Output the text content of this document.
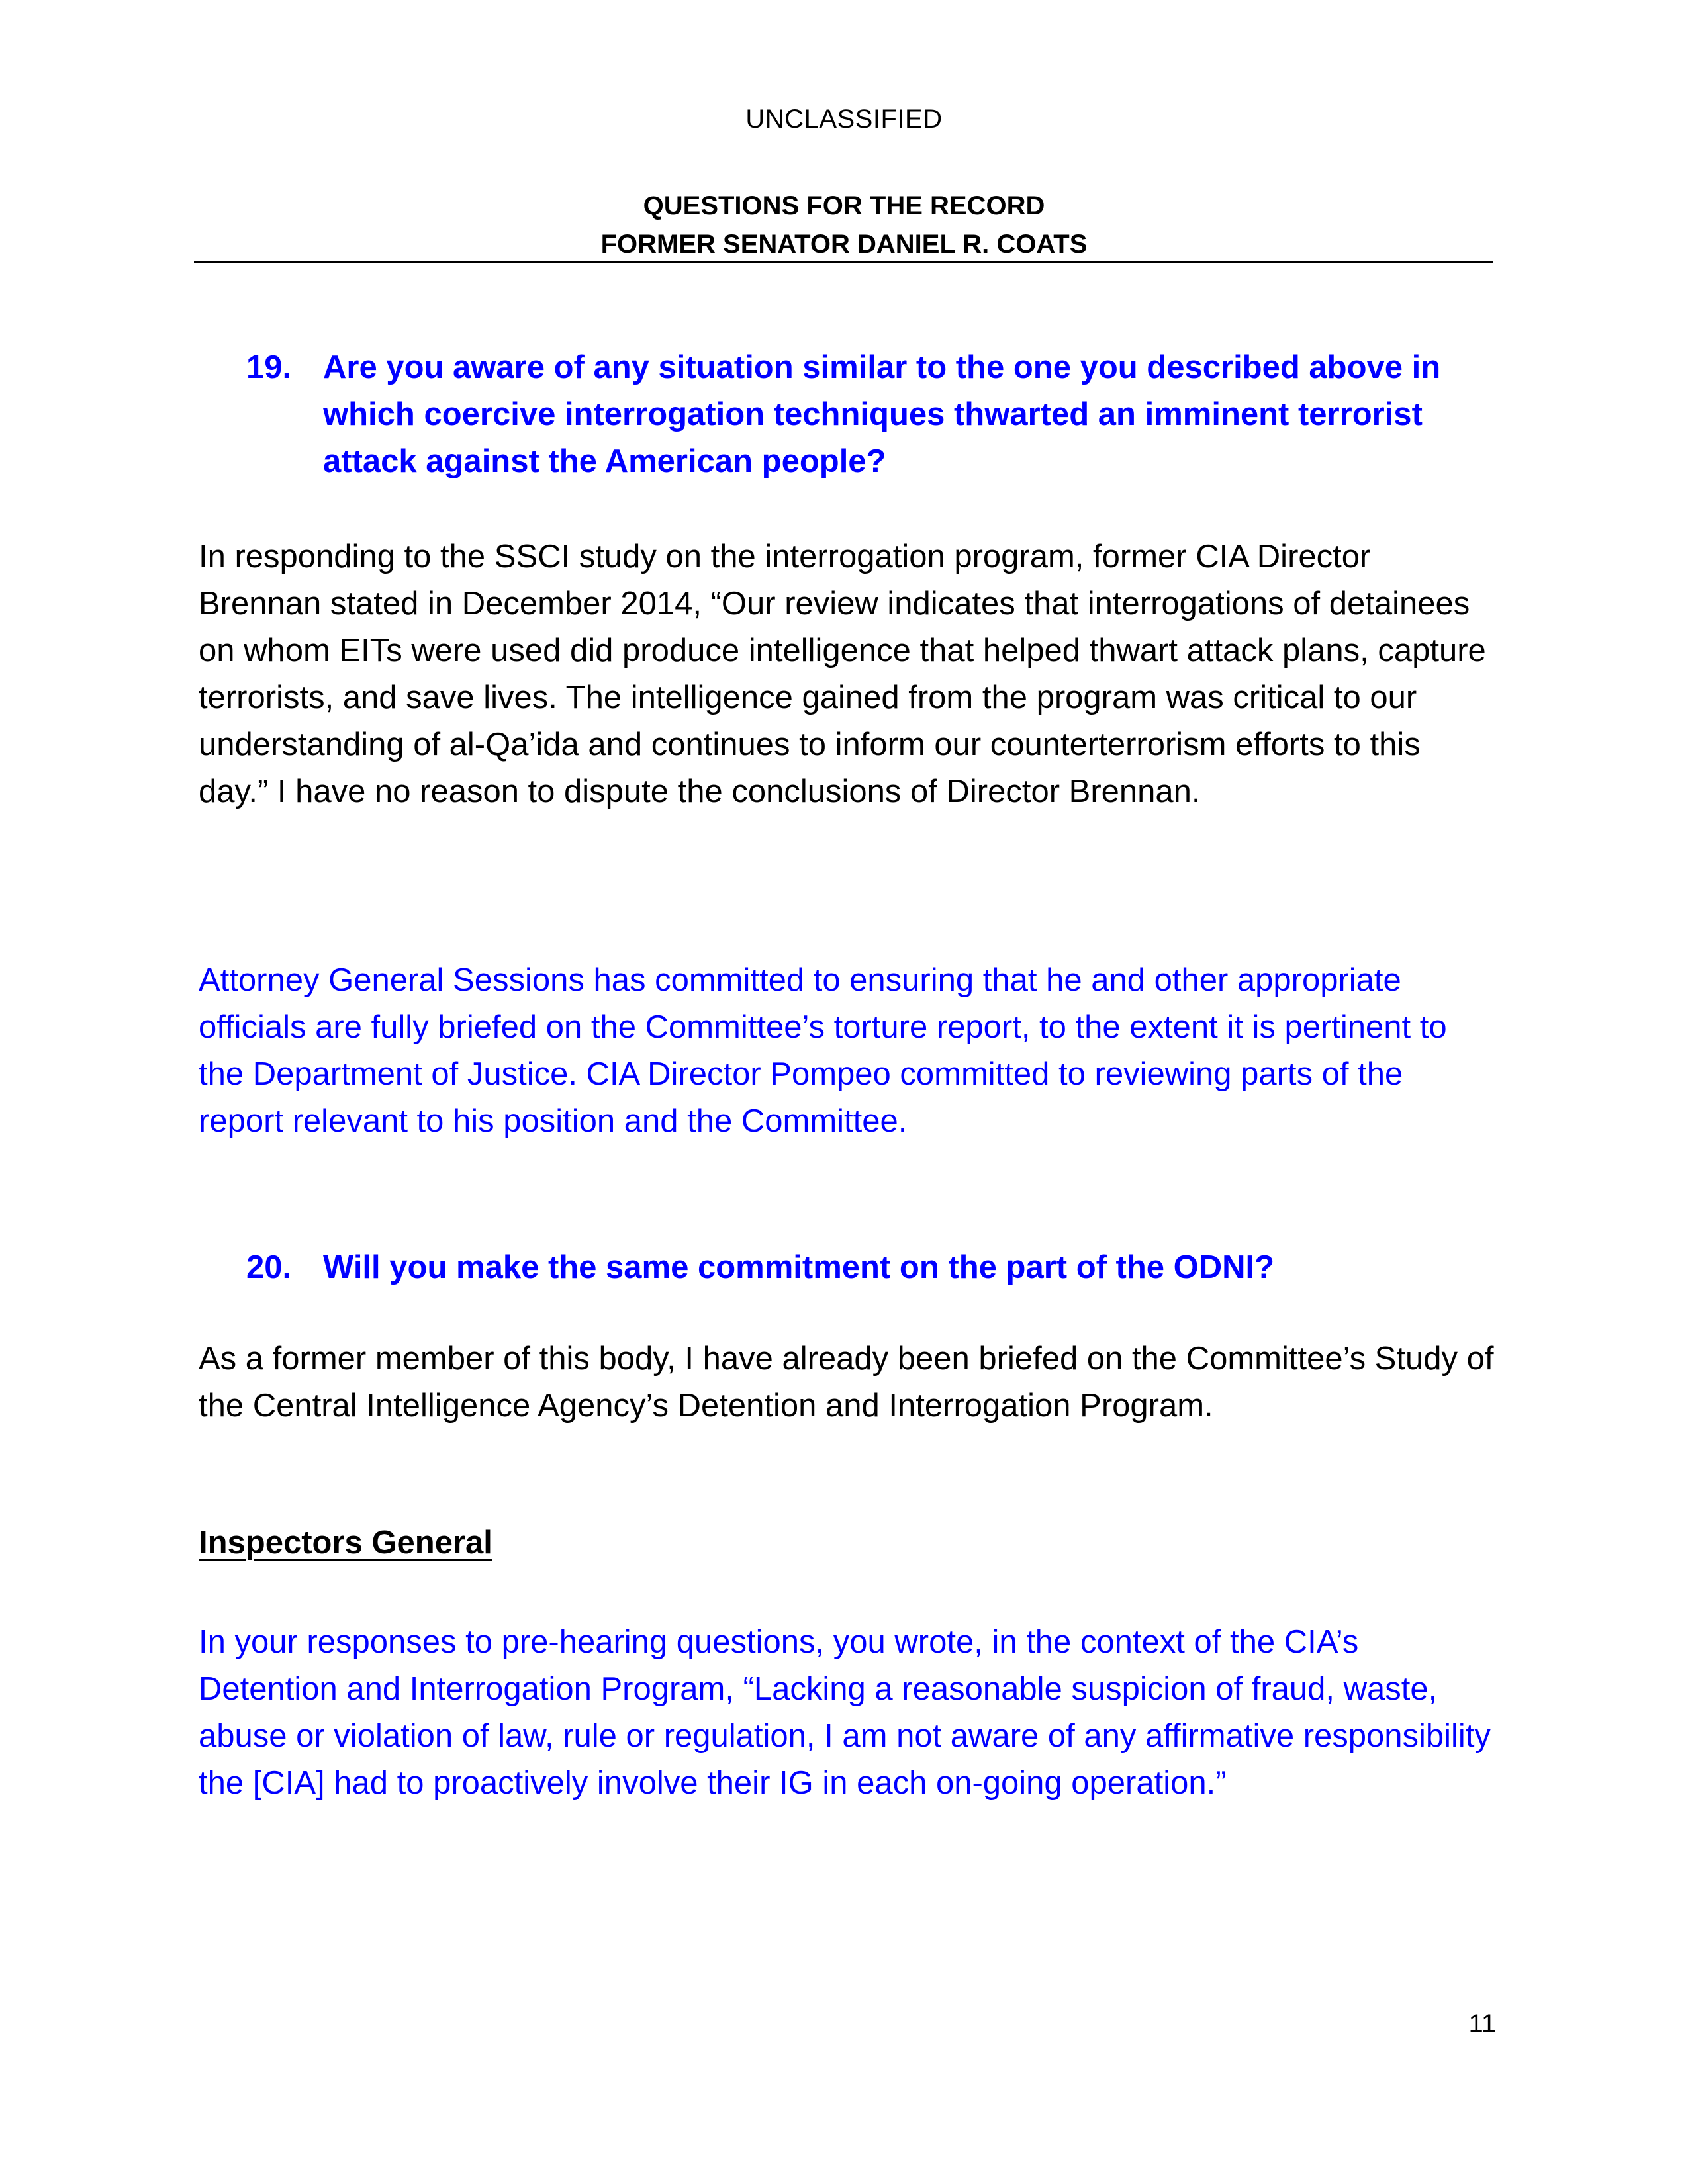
UNCLASSIFIED
QUESTIONS FOR THE RECORD
FORMER SENATOR DANIEL R. COATS
19. Are you aware of any situation similar to the one you described above in which coercive interrogation techniques thwarted an imminent terrorist attack against the American people?
In responding to the SSCI study on the interrogation program, former CIA Director Brennan stated in December 2014, “Our review indicates that interrogations of detainees on whom EITs were used did produce intelligence that helped thwart attack plans, capture terrorists, and save lives. The intelligence gained from the program was critical to our understanding of al-Qa’ida and continues to inform our counterterrorism efforts to this day.” I have no reason to dispute the conclusions of Director Brennan.
Attorney General Sessions has committed to ensuring that he and other appropriate officials are fully briefed on the Committee’s torture report, to the extent it is pertinent to the Department of Justice. CIA Director Pompeo committed to reviewing parts of the report relevant to his position and the Committee.
20. Will you make the same commitment on the part of the ODNI?
As a former member of this body, I have already been briefed on the Committee’s Study of the Central Intelligence Agency’s Detention and Interrogation Program.
Inspectors General
In your responses to pre-hearing questions, you wrote, in the context of the CIA’s Detention and Interrogation Program, “Lacking a reasonable suspicion of fraud, waste, abuse or violation of law, rule or regulation, I am not aware of any affirmative responsibility the [CIA] had to proactively involve their IG in each on-going operation.”
11
